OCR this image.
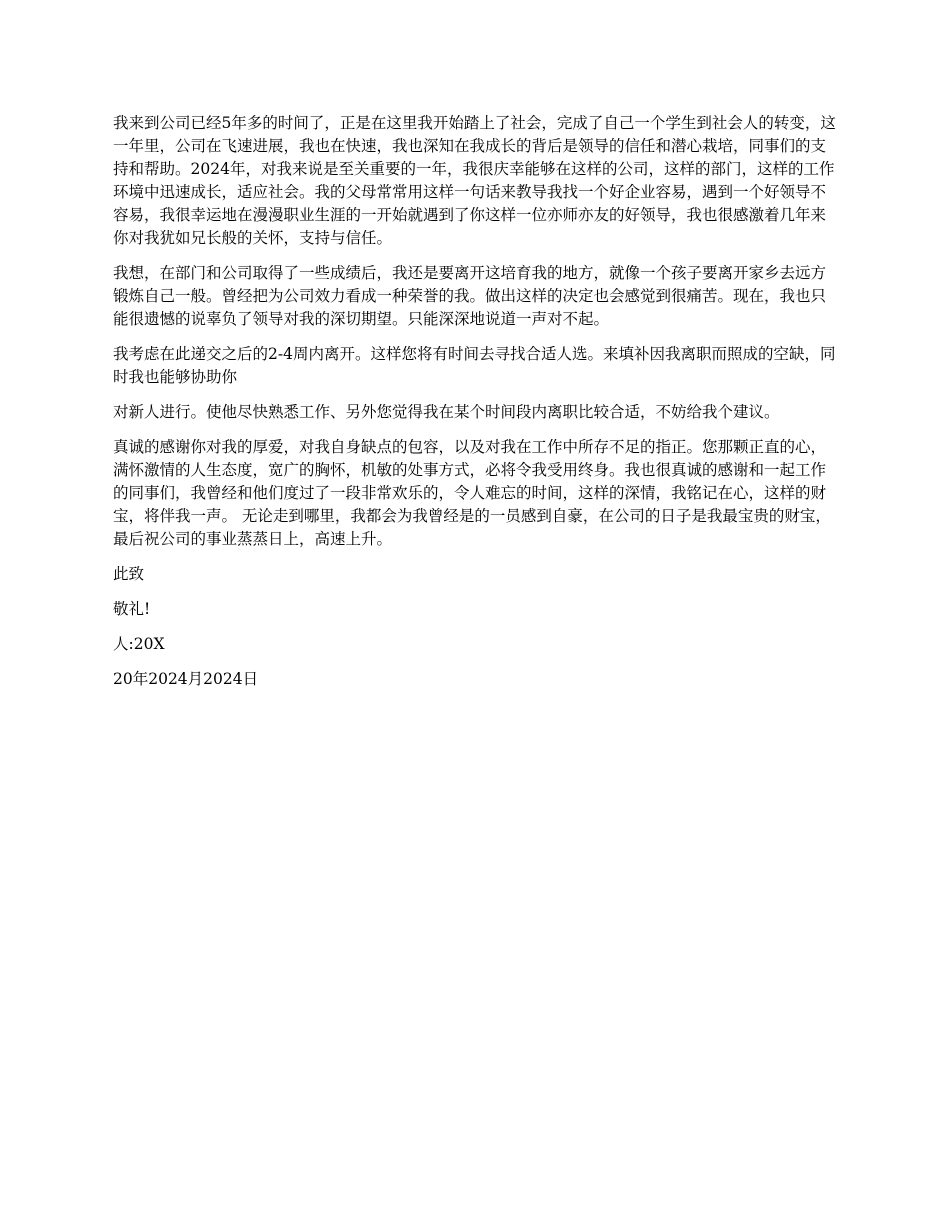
我来到公司已经5年多的时间了，正是在这里我开始踏上了社会，完成了自己一个学生到社会人的转变，这一年里，公司在飞速进展，我也在快速，我也深知在我成长的背后是领导的信任和潜心栽培，同事们的支持和帮助。2024年，对我来说是至关重要的一年，我很庆幸能够在这样的公司，这样的部门，这样的工作环境中迅速成长，适应社会。我的父母常常用这样一句话来教导我找一个好企业容易，遇到一个好领导不容易，我很幸运地在漫漫职业生涯的一开始就遇到了你这样一位亦师亦友的好领导，我也很感激着几年来你对我犹如兄长般的关怀，支持与信任。

我想，在部门和公司取得了一些成绩后，我还是要离开这培育我的地方，就像一个孩子要离开家乡去远方锻炼自己一般。曾经把为公司效力看成一种荣誉的我。做出这样的决定也会感觉到很痛苦。现在，我也只能很遗憾的说辜负了领导对我的深切期望。只能深深地说道一声对不起。

我考虑在此递交之后的2-4周内离开。这样您将有时间去寻找合适人选。来填补因我离职而照成的空缺，同时我也能够协助你

对新人进行。使他尽快熟悉工作、另外您觉得我在某个时间段内离职比较合适，不妨给我个建议。

真诚的感谢你对我的厚爱，对我自身缺点的包容，以及对我在工作中所存不足的指正。您那颗正直的心，满怀激情的人生态度，宽广的胸怀，机敏的处事方式，必将令我受用终身。我也很真诚的感谢和一起工作的同事们，我曾经和他们度过了一段非常欢乐的，令人难忘的时间，这样的深情，我铭记在心，这样的财宝，将伴我一声。 无论走到哪里，我都会为我曾经是的一员感到自豪，在公司的日子是我最宝贵的财宝，最后祝公司的事业蒸蒸日上，高速上升。

此致

敬礼!

人:20X

20年2024月2024日
